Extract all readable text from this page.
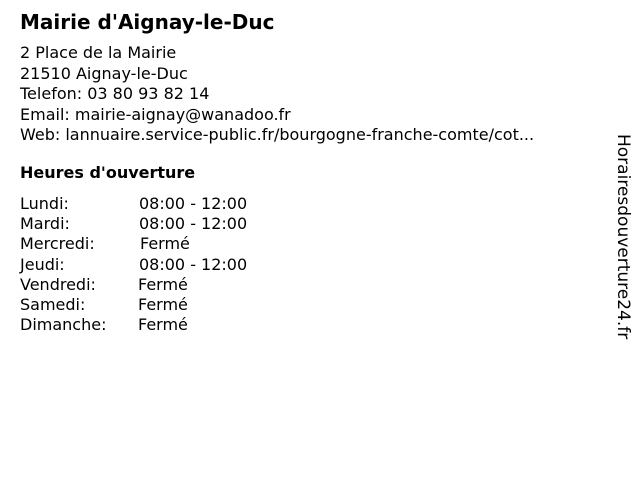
Mairie d'Aignay-le-Duc
2 Place de la Mairie
21510 Aignay-le-Duc
Telefon: 03 80 93 82 14
Email: mairie-aignay@wanadoo.fr
Web: lannuaire.service-public.fr/bourgogne-franche-comte/cot...
Heures d'ouverture
Lundi:	08:00 - 12:00
Mardi:	08:00 - 12:00
Mercredi:	Fermé
Jeudi:	08:00 - 12:00
Vendredi:	Fermé
Samedi:	Fermé
Dimanche: Fermé	Horairesdouverture24.fr
